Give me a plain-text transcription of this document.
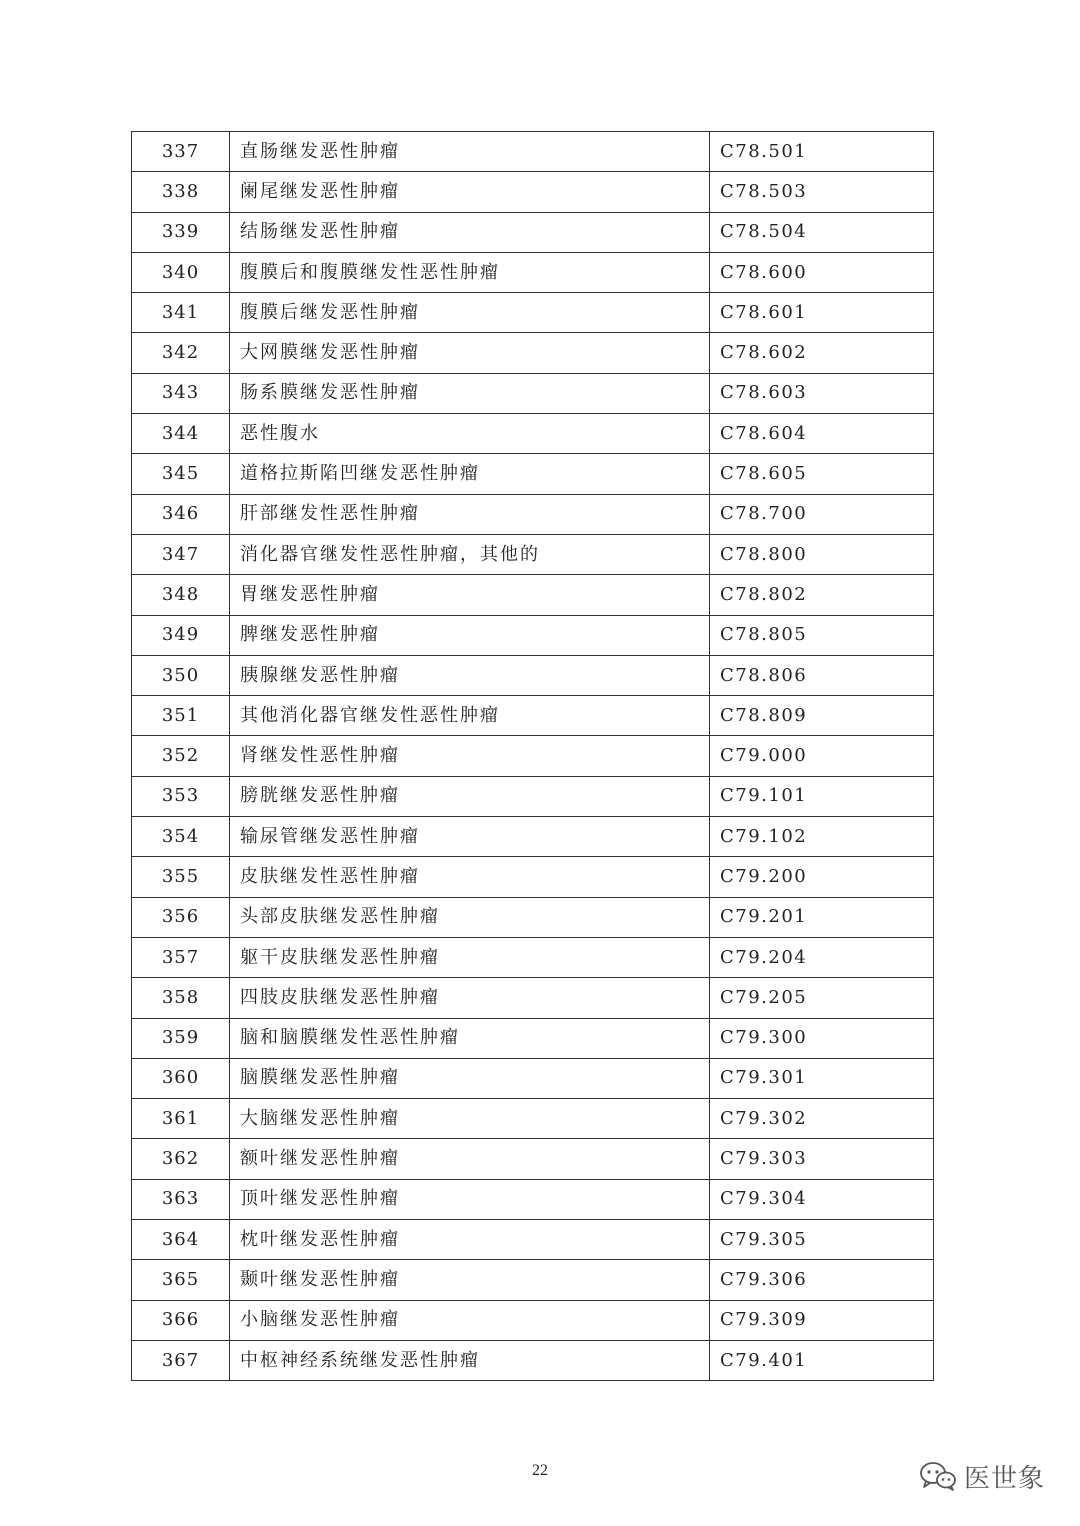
337	直肠继发恶性肿瘤	C78.501
338	阑尾继发恶性肿瘤	C78.503
339	结肠继发恶性肿瘤	C78.504
340	腹膜后和腹膜继发性恶性肿瘤	C78.600
341	腹膜后继发恶性肿瘤	C78.601
342	大网膜继发恶性肿瘤	C78.602
343	肠系膜继发恶性肿瘤	C78.603
344	恶性腹水	C78.604
345	道格拉斯陷凹继发恶性肿瘤	C78.605
346	肝部继发性恶性肿瘤	C78.700
347	消化器官继发性恶性肿瘤，其他的	C78.800
348	胃继发恶性肿瘤	C78.802
349	脾继发恶性肿瘤	C78.805
350	胰腺继发恶性肿瘤	C78.806
351	其他消化器官继发性恶性肿瘤	C78.809
352	肾继发性恶性肿瘤	C79.000
353	膀胱继发恶性肿瘤	C79.101
354	输尿管继发恶性肿瘤	C79.102
355	皮肤继发性恶性肿瘤	C79.200
356	头部皮肤继发恶性肿瘤	C79.201
357	躯干皮肤继发恶性肿瘤	C79.204
358	四肢皮肤继发恶性肿瘤	C79.205
359	脑和脑膜继发性恶性肿瘤	C79.300
360	脑膜继发恶性肿瘤	C79.301
361	大脑继发恶性肿瘤	C79.302
362	额叶继发恶性肿瘤	C79.303
363	顶叶继发恶性肿瘤	C79.304
364	枕叶继发恶性肿瘤	C79.305
365	颞叶继发恶性肿瘤	C79.306
366	小脑继发恶性肿瘤	C79.309
367	中枢神经系统继发恶性肿瘤	C79.401
22	医世象
